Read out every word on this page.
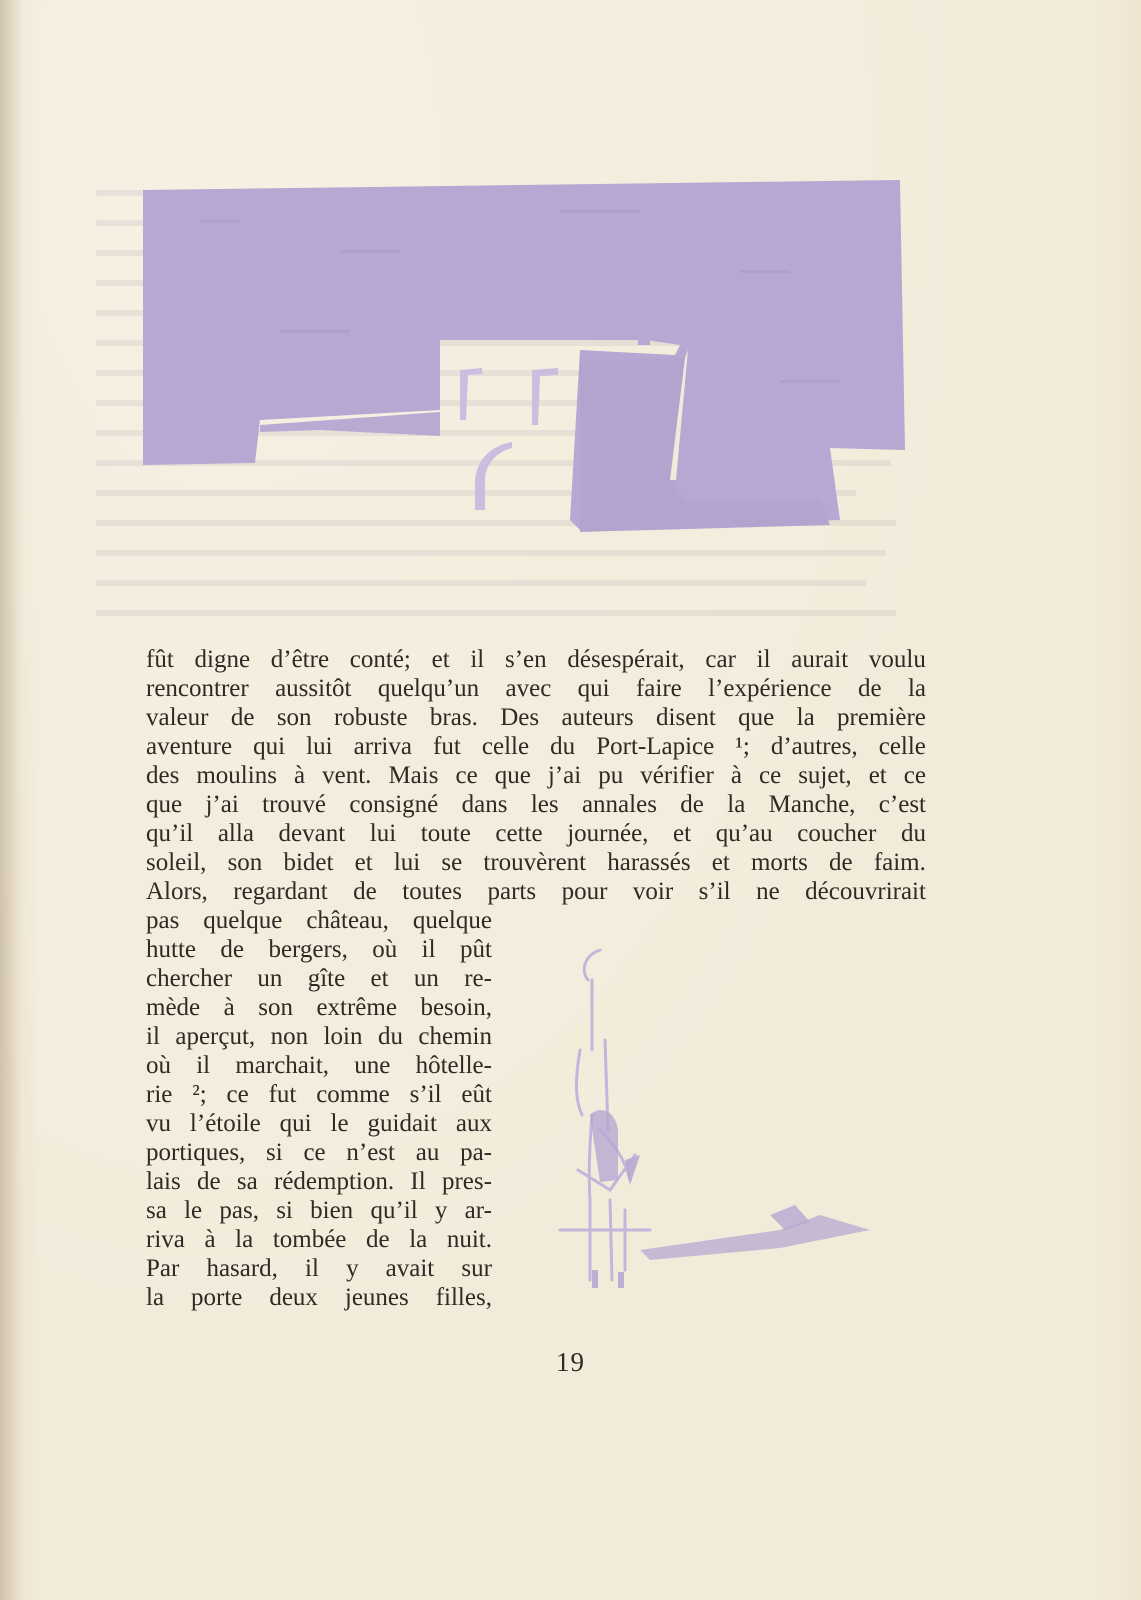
fût digne d’être conté; et il s’en désespérait, car il aurait voulu
rencontrer aussitôt quelqu’un avec qui faire l’expérience de la
valeur de son robuste bras. Des auteurs disent que la première
aventure qui lui arriva fut celle du Port-Lapice ¹; d’autres, celle
des moulins à vent. Mais ce que j’ai pu vérifier à ce sujet, et ce
que j’ai trouvé consigné dans les annales de la Manche, c’est
qu’il alla devant lui toute cette journée, et qu’au coucher du
soleil, son bidet et lui se trouvèrent harassés et morts de faim.
Alors, regardant de toutes parts pour voir s’il ne découvrirait
pas quelque château, quelque
hutte de bergers, où il pût
chercher un gîte et un re-
mède à son extrême besoin,
il aperçut, non loin du chemin
où il marchait, une hôtelle-
rie ²; ce fut comme s’il eût
vu l’étoile qui le guidait aux
portiques, si ce n’est au pa-
lais de sa rédemption. Il pres-
sa le pas, si bien qu’il y ar-
riva à la tombée de la nuit.
Par hasard, il y avait sur
la porte deux jeunes filles,
19
